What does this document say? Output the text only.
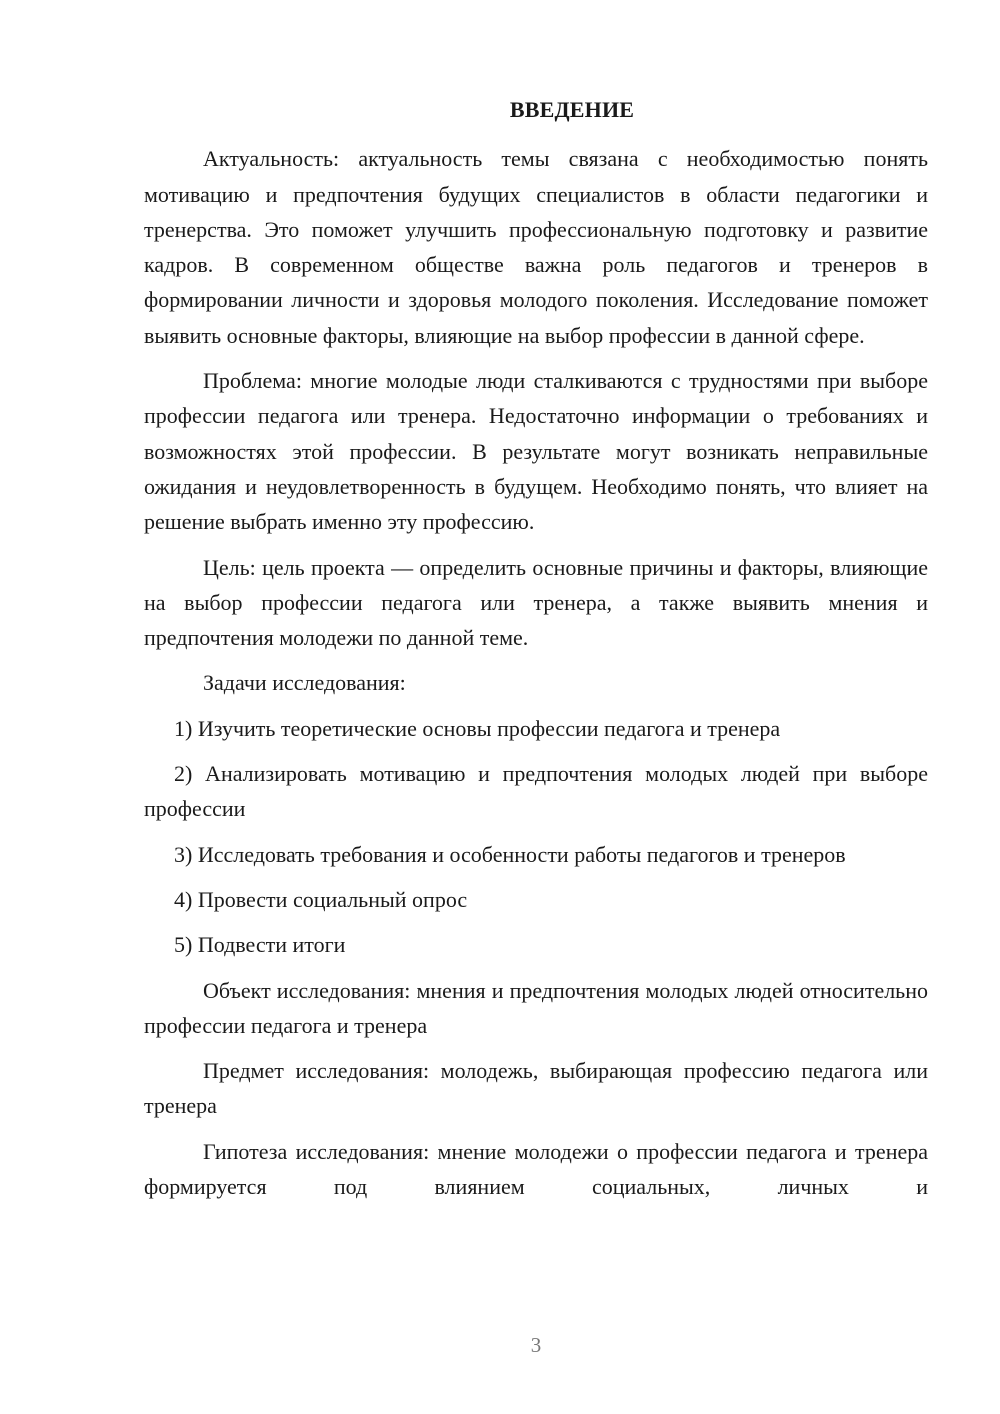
ВВЕДЕНИЕ

Актуальность: актуальность темы связана с необходимостью понять мотивацию и предпочтения будущих специалистов в области педагогики и тренерства. Это поможет улучшить профессиональную подготовку и развитие кадров. В современном обществе важна роль педагогов и тренеров в формировании личности и здоровья молодого поколения. Исследование поможет выявить основные факторы, влияющие на выбор профессии в данной сфере.

Проблема: многие молодые люди сталкиваются с трудностями при выборе профессии педагога или тренера. Недостаточно информации о требованиях и возможностях этой профессии. В результате могут возникать неправильные ожидания и неудовлетворенность в будущем. Необходимо понять, что влияет на решение выбрать именно эту профессию.

Цель: цель проекта — определить основные причины и факторы, влияющие на выбор профессии педагога или тренера, а также выявить мнения и предпочтения молодежи по данной теме.

Задачи исследования:

1) Изучить теоретические основы профессии педагога и тренера

2) Анализировать мотивацию и предпочтения молодых людей при выборе профессии

3) Исследовать требования и особенности работы педагогов и тренеров

4) Провести социальный опрос

5) Подвести итоги

Объект исследования: мнения и предпочтения молодых людей относительно профессии педагога и тренера

Предмет исследования: молодежь, выбирающая профессию педагога или тренера

Гипотеза исследования: мнение молодежи о профессии педагога и тренера формируется под влиянием социальных, личных и

3
